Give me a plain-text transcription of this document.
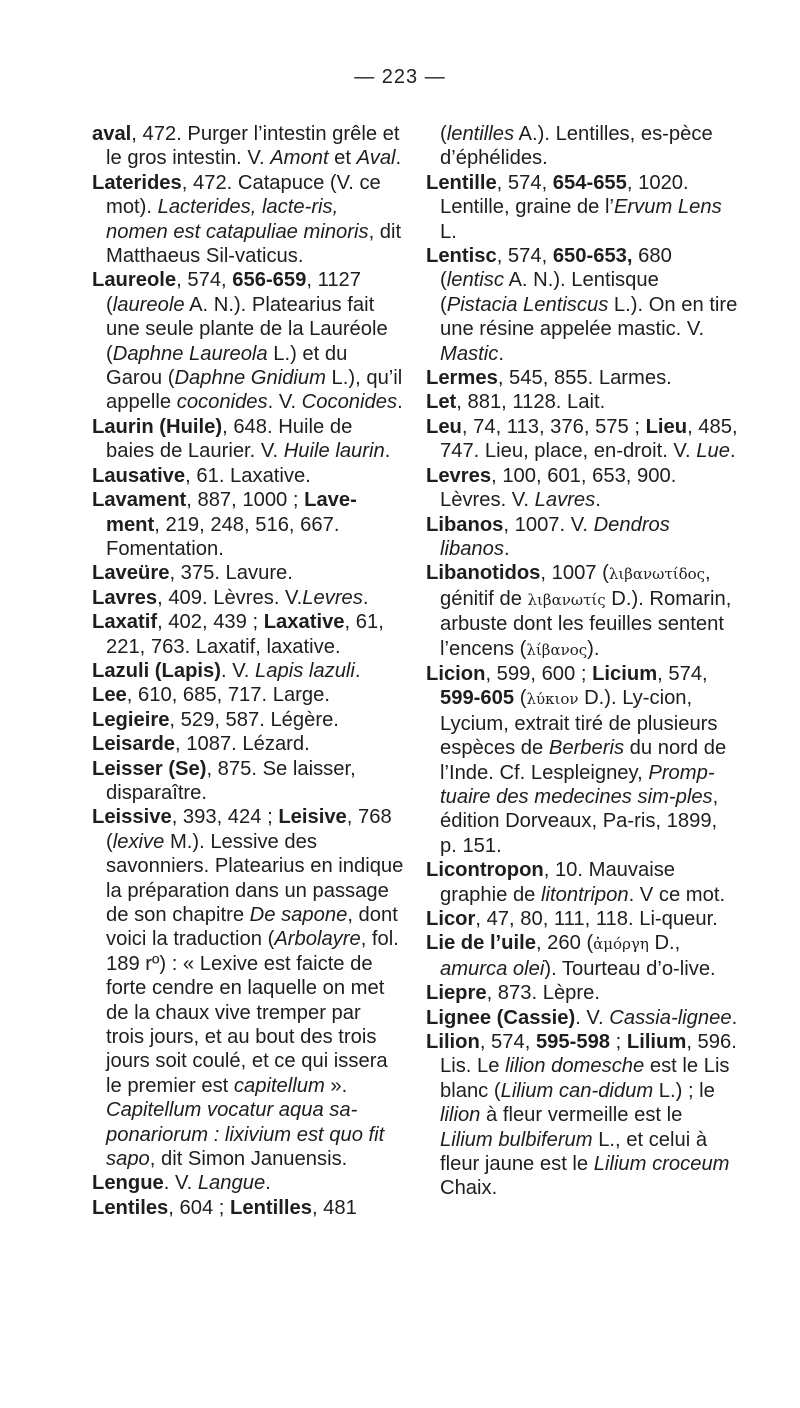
— 223 —
aval, 472. Purger l’intestin grêle et le gros intestin. V. Amont et Aval.
Laterides, 472. Catapuce (V. ce mot). Lacterides, lacte-ris, nomen est catapuliae minoris, dit Matthaeus Sil-vaticus.
Laureole, 574, 656-659, 1127 (laureole A. N.). Platearius fait une seule plante de la Lauréole (Daphne Laureola L.) et du Garou (Daphne Gnidium L.), qu’il appelle coconides. V. Coconides.
Laurin (Huile), 648. Huile de baies de Laurier. V. Huile laurin.
Lausative, 61. Laxative.
Lavament, 887, 1000 ; Lave-ment, 219, 248, 516, 667. Fomentation.
Laveüre, 375. Lavure.
Lavres, 409. Lèvres. V.Levres.
Laxatif, 402, 439 ; Laxative, 61, 221, 763. Laxatif, laxative.
Lazuli (Lapis). V. Lapis lazuli.
Lee, 610, 685, 717. Large.
Legieire, 529, 587. Légère.
Leisarde, 1087. Lézard.
Leisser (Se), 875. Se laisser, disparaître.
Leissive, 393, 424 ; Leisive, 768 (lexive M.). Lessive des savonniers. Platearius en indique la préparation dans un passage de son chapitre De sapone, dont voici la traduction (Arbolayre, fol. 189 rº) : « Lexive est faicte de forte cendre en laquelle on met de la chaux vive tremper par trois jours, et au bout des trois jours soit coulé, et ce qui issera le premier est capitellum ». Capitellum vocatur aqua sa-ponariorum : lixivium est quo fit sapo, dit Simon Januensis.
Lengue. V. Langue.
Lentiles, 604 ; Lentilles, 481
(lentilles A.). Lentilles, es-pèce d’éphélides.
Lentille, 574, 654-655, 1020. Lentille, graine de l’Ervum Lens L.
Lentisc, 574, 650-653, 680 (lentisc A. N.). Lentisque (Pistacia Lentiscus L.). On en tire une résine appelée mastic. V. Mastic.
Lermes, 545, 855. Larmes.
Let, 881, 1128. Lait.
Leu, 74, 113, 376, 575 ; Lieu, 485, 747. Lieu, place, en-droit. V. Lue.
Levres, 100, 601, 653, 900. Lèvres. V. Lavres.
Libanos, 1007. V. Dendros libanos.
Libanotidos, 1007 (λιβανωτίδος, génitif de λιβανωτίς D.). Romarin, arbuste dont les feuilles sentent l’encens (λίβανος).
Licion, 599, 600 ; Licium, 574, 599-605 (λύκιον D.). Ly-cion, Lycium, extrait tiré de plusieurs espèces de Berberis du nord de l’Inde. Cf. Lespleigney, Promp-tuaire des medecines sim-ples, édition Dorveaux, Pa-ris, 1899, p. 151.
Licontropon, 10. Mauvaise graphie de litontripon. V ce mot.
Licor, 47, 80, 111, 118. Li-queur.
Lie de l’uile, 260 (ἀμόργη D., amurca olei). Tourteau d’o-live.
Liepre, 873. Lèpre.
Lignee (Cassie). V. Cassia-lignee.
Lilion, 574, 595-598 ; Lilium, 596. Lis. Le lilion domesche est le Lis blanc (Lilium can-didum L.) ; le lilion à fleur vermeille est le Lilium bulbiferum L., et celui à fleur jaune est le Lilium croceum Chaix.
